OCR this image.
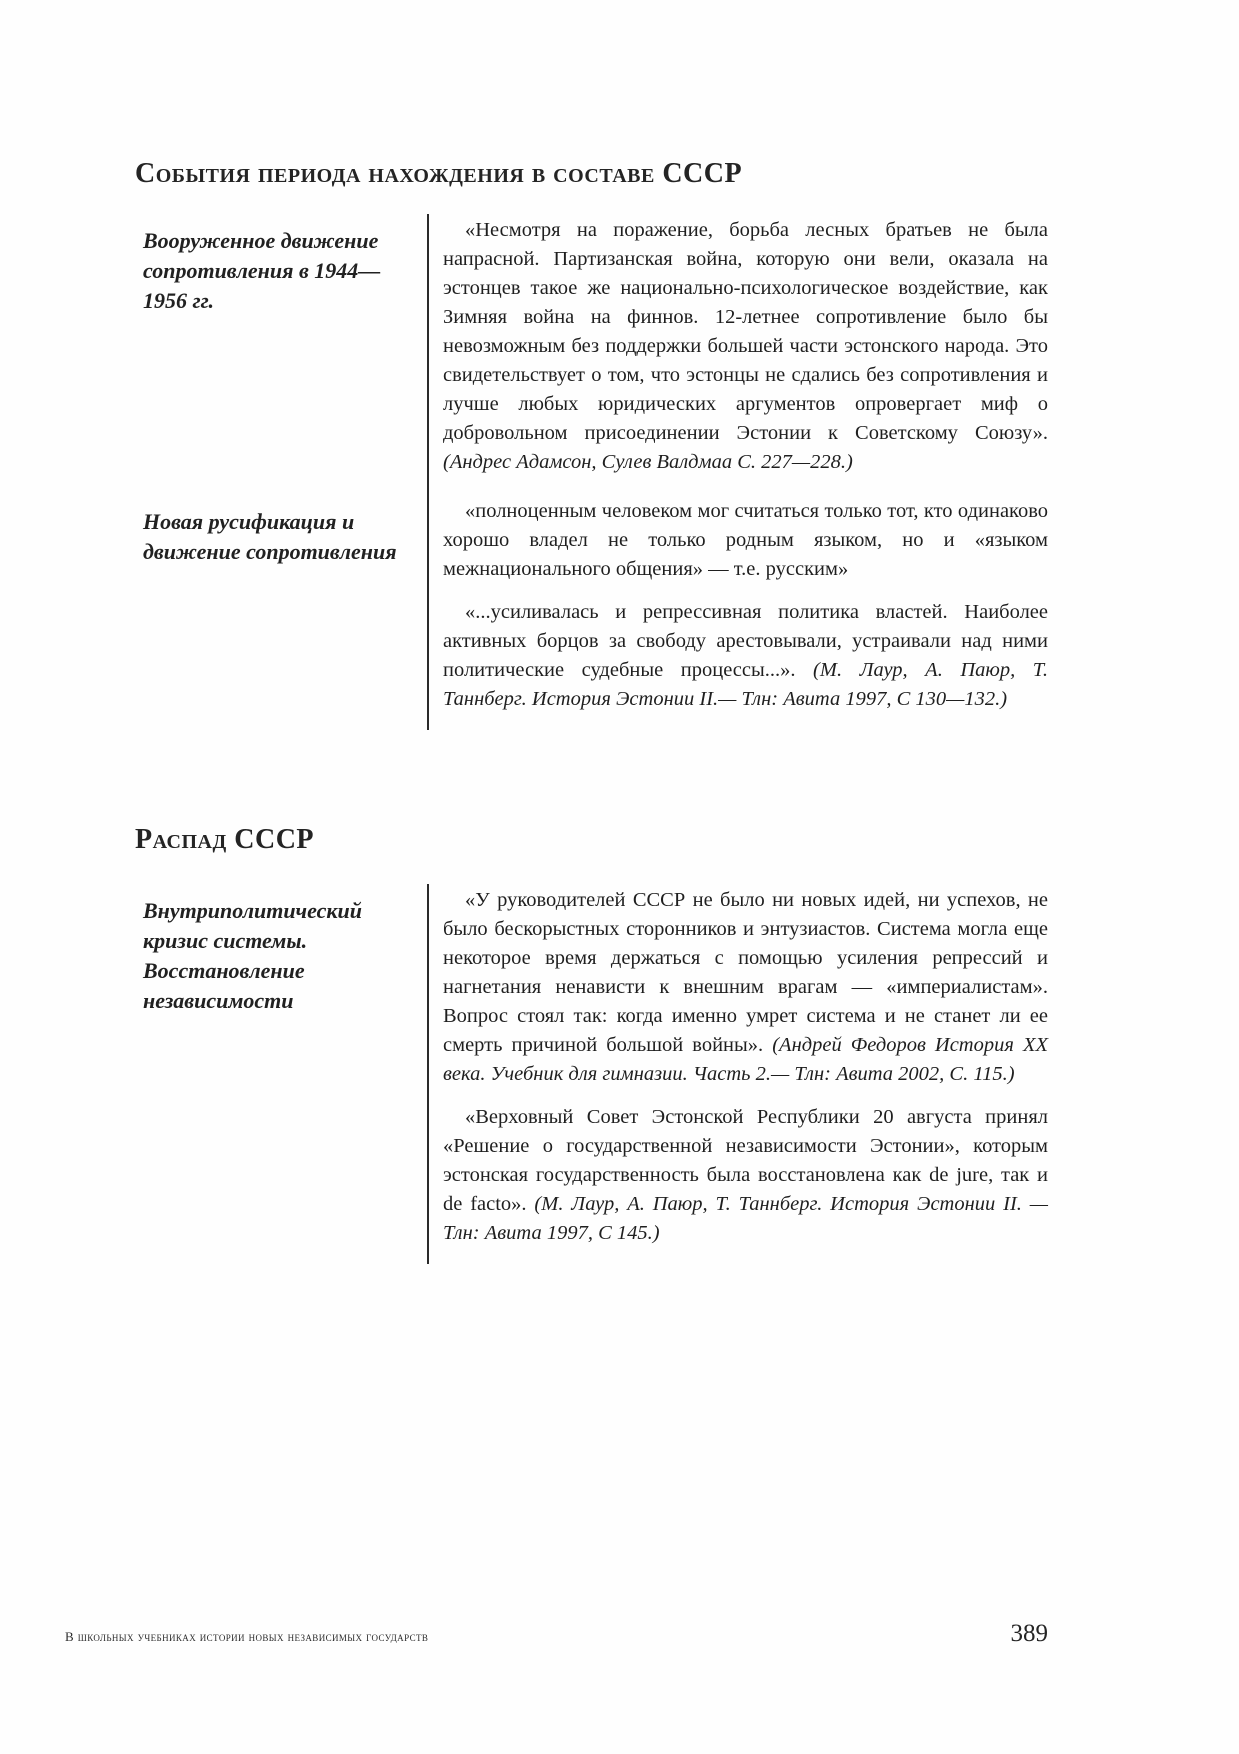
События периода нахождения в составе СССР
Вооруженное движение сопротивления в 1944—1956 гг.

«Несмотря на поражение, борьба лесных братьев не была напрасной. Партизанская война, которую они вели, оказала на эстонцев такое же национально-психологическое воздействие, как Зимняя война на финнов. 12-летнее сопротивление было бы невозможным без поддержки большей части эстонского народа. Это свидетельствует о том, что эстонцы не сдались без сопротивления и лучше любых юридических аргументов опровергает миф о добровольном присоединении Эстонии к Советскому Союзу». (Андрес Адамсон, Сулев Валдмаа С. 227—228.)

Новая русификация и движение сопротивления

«полноценным человеком мог считаться только тот, кто одинаково хорошо владел не только родным языком, но и «языком межнационального общения» — т.е. русским»

«...усиливалась и репрессивная политика властей. Наиболее активных борцов за свободу арестовывали, устраивали над ними политические судебные процессы...». (М. Лаур, А. Паюр, Т. Таннберг. История Эстонии II.— Тлн: Авита 1997, С 130—132.)

Распад СССР
Внутриполитический кризис системы. Восстановление независимости

«У руководителей СССР не было ни новых идей, ни успехов, не было бескорыстных сторонников и энтузиастов. Система могла еще некоторое время держаться с помощью усиления репрессий и нагнетания ненависти к внешним врагам — «империалистам». Вопрос стоял так: когда именно умрет система и не станет ли ее смерть причиной большой войны». (Андрей Федоров История XX века. Учебник для гимназии. Часть 2.— Тлн: Авита 2002, С. 115.)

«Верховный Совет Эстонской Республики 20 августа принял «Решение о государственной независимости Эстонии», которым эстонская государственность была восстановлена как de jure, так и de facto». (М. Лаур, А. Паюр, Т. Таннберг. История Эстонии II. — Тлн: Авита 1997, С 145.)

В школьных учебниках истории новых независимых государств	389
